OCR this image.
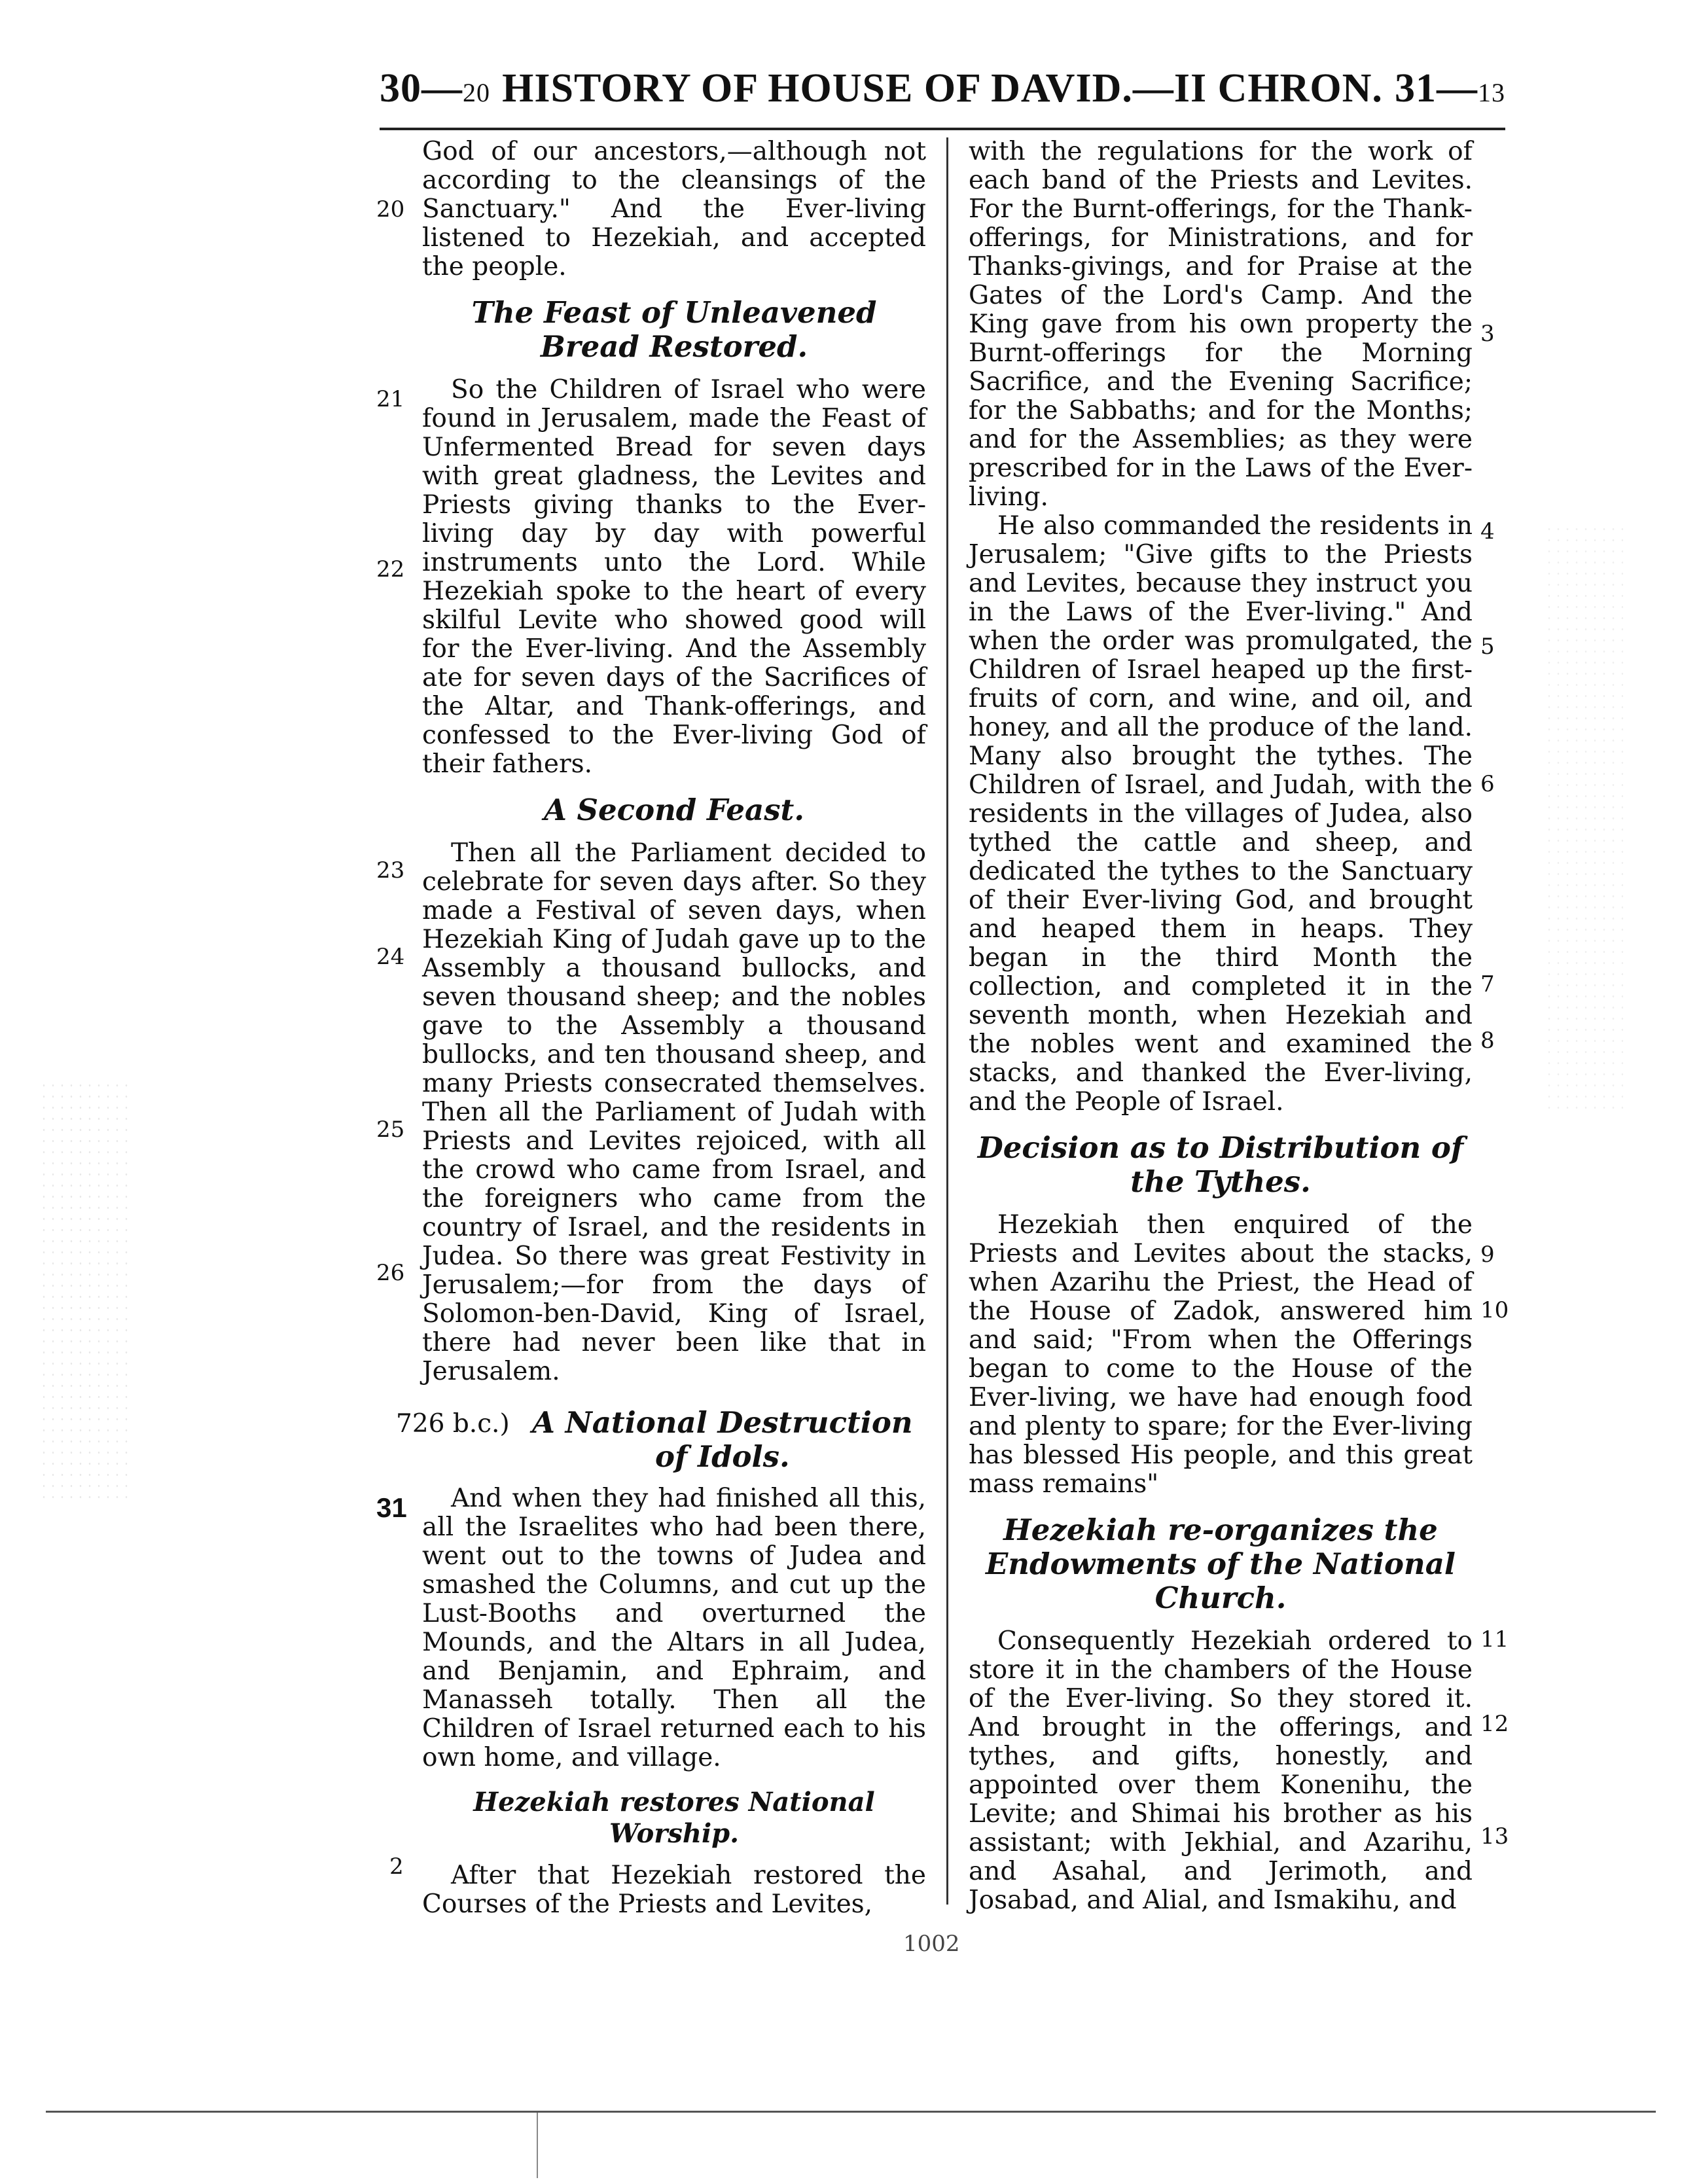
30—20 HISTORY OF HOUSE OF DAVID.—II CHRON. 31—13

God of our ancestors,—although not according to the cleansings of the Sanctuary." And the Ever-living listened to Hezekiah, and accepted the people.

The Feast of Unleavened Bread Restored.

So the Children of Israel who were found in Jerusalem, made the Feast of Unfermented Bread for seven days with great gladness, the Levites and Priests giving thanks to the Ever-living day by day with powerful instruments unto the Lord. While Hezekiah spoke to the heart of every skilful Levite who showed good will for the Ever-living. And the Assembly ate for seven days of the Sacrifices of the Altar, and Thank-offerings, and confessed to the Ever-living God of their fathers.

A Second Feast.

Then all the Parliament decided to celebrate for seven days after. So they made a Festival of seven days, when Hezekiah King of Judah gave up to the Assembly a thousand bullocks, and seven thousand sheep; and the nobles gave to the Assembly a thousand bullocks, and ten thousand sheep, and many Priests consecrated themselves. Then all the Parliament of Judah with Priests and Levites rejoiced, with all the crowd who came from Israel, and the foreigners who came from the country of Israel, and the residents in Judea. So there was great Festivity in Jerusalem;—for from the days of Solomon-ben-David, King of Israel, there had never been like that in Jerusalem.

726 b.c.) A National Destruction of Idols.

And when they had finished all this, all the Israelites who had been there, went out to the towns of Judea and smashed the Columns, and cut up the Lust-Booths and overturned the Mounds, and the Altars in all Judea, and Benjamin, and Ephraim, and Manasseh totally. Then all the Children of Israel returned each to his own home, and village.

Hezekiah restores National Worship.

After that Hezekiah restored the Courses of the Priests and Levites,

with the regulations for the work of each band of the Priests and Levites. For the Burnt-offerings, for the Thank-offerings, for Ministrations, and for Thanks-givings, and for Praise at the Gates of the Lord's Camp. And the King gave from his own property the Burnt-offerings for the Morning Sacrifice, and the Evening Sacrifice; for the Sabbaths; and for the Months; and for the Assemblies; as they were prescribed for in the Laws of the Ever-living.

He also commanded the residents in Jerusalem; "Give gifts to the Priests and Levites, because they instruct you in the Laws of the Ever-living." And when the order was promulgated, the Children of Israel heaped up the first-fruits of corn, and wine, and oil, and honey, and all the produce of the land. Many also brought the tythes. The Children of Israel, and Judah, with the residents in the villages of Judea, also tythed the cattle and sheep, and dedicated the tythes to the Sanctuary of their Ever-living God, and brought and heaped them in heaps. They began in the third Month the collection, and completed it in the seventh month, when Hezekiah and the nobles went and examined the stacks, and thanked the Ever-living, and the People of Israel.

Decision as to Distribution of the Tythes.

Hezekiah then enquired of the Priests and Levites about the stacks, when Azarihu the Priest, the Head of the House of Zadok, answered him and said; "From when the Offerings began to come to the House of the Ever-living, we have had enough food and plenty to spare; for the Ever-living has blessed His people, and this great mass remains"

Hezekiah re-organizes the Endowments of the National Church.

Consequently Hezekiah ordered to store it in the chambers of the House of the Ever-living. So they stored it. And brought in the offerings, and tythes, and gifts, honestly, and appointed over them Konenihu, the Levite; and Shimai his brother as his assistant; with Jekhial, and Azarihu, and Asahal, and Jerimoth, and Josabad, and Alial, and Ismakihu, and

20
21
22
23
24
25
26
31
2
3
4
5
6
7
8
9
10
11
12
13
1002
